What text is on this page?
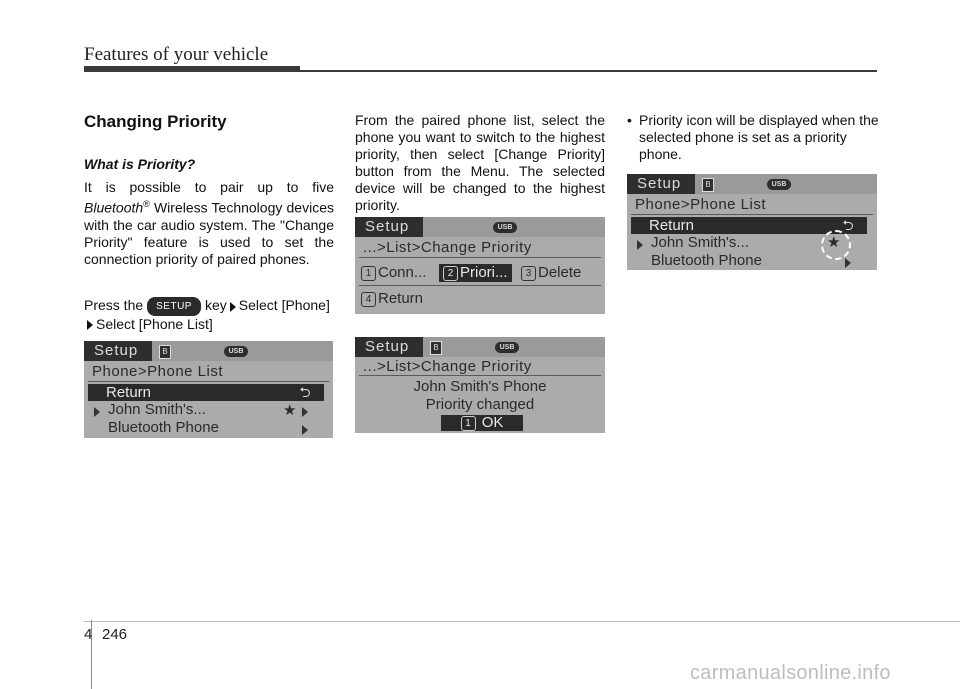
Features of your vehicle
Changing Priority
What is Priority?
It is possible to pair up to five Bluetooth® Wireless Technology devices with the car audio system. The "Change Priority" feature is used to set the connection priority of paired phones.
Press the SETUP key Select [Phone] Select [Phone List]
Setup	B	USB
Phone>Phone List
Return	⮌
John Smith's...	★
Bluetooth Phone
From the paired phone list, select the phone you want to switch to the highest priority, then select [Change Priority] button from the Menu. The selected device will be changed to the highest priority.
Setup	USB
...>List>Change Priority
1 Conn...	2 Priori...	3 Delete
4 Return
Setup	B	USB
...>List>Change Priority
John Smith's Phone
Priority changed
1 OK
• Priority icon will be displayed when the selected phone is set as a priority phone.
Setup	B	USB
Phone>Phone List
Return	⮌
John Smith's...	★
Bluetooth Phone
4 246
carmanualsonline.info
